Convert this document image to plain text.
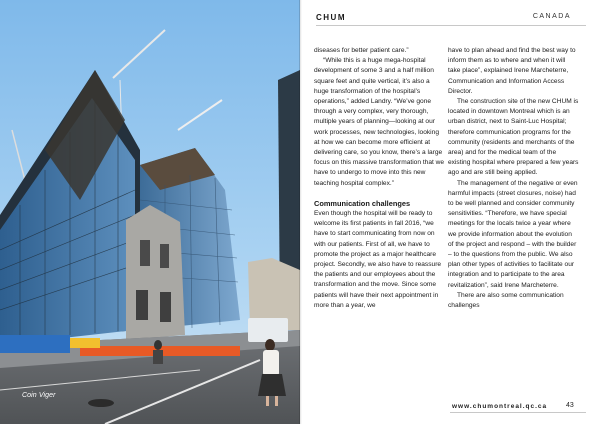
Coin Viger
CHUM	CANADA

diseases for better patient care.”

“While this is a huge mega-hospital development of some 3 and a half million square feet and quite vertical, it’s also a huge transformation of the hospital’s operations,” added Landry. “We’ve gone through a very complex, very thorough, multiple years of planning—looking at our work processes, new technologies, looking at how we can become more efficient at delivering care, so you know, there’s a large focus on this massive transformation that we have to undergo to move into this new teaching hospital complex.”

Communication challenges

Even though the hospital will be ready to welcome its first patients in fall 2016, “we have to start communicating from now on with our patients. First of all, we have to promote the project as a major healthcare project. Secondly, we also have to reassure the patients and our employees about the transformation and the move. Since some patients will have their next appointment in more than a year, we

have to plan ahead and find the best way to inform them as to where and when it will take place”, explained Irene Marcheterre, Communication and Information Access Director.

The construction site of the new CHUM is located in downtown Montreal which is an urban district, next to Saint-Luc Hospital; therefore communication programs for the community (residents and merchants of the area) and for the medical team of the existing hospital where prepared a few years ago and are still being applied.

The management of the negative or even harmful impacts (street closures, noise) had to be well planned and consider community sensitivities. “Therefore, we have special meetings for the locals twice a year where we provide information about the evolution of the project and respond – with the builder – to the questions from the public. We also plan other types of activities to facilitate our integration and to participate to the area revitalization”, said Irene Marcheterre.

There are also some communication challenges

www.chumontreal.qc.ca	43
